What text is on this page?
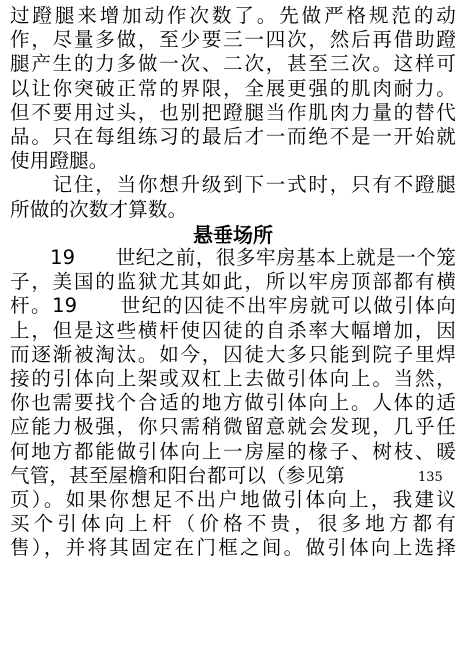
过蹬腿来增加动作次数了。先做严格规范的动
作，尽量多做，至少要三一四次，然后再借助蹬
腿产生的力多做一次、二次，甚至三次。这样可
以让你突破正常的界限，全展更强的肌肉耐力。
但不要用过头，也别把蹬腿当作肌肉力量的替代
品。只在每组练习的最后才一而绝不是一开始就
使用蹬腿。
　　记住，当你想升级到下一式时，只有不蹬腿
所做的次数才算数。
悬垂场所
　　19　　世纪之前，很多牢房基本上就是一个笼
子，美国的监狱尤其如此，所以牢房顶部都有横
杆。19　　世纪的囚徒不出牢房就可以做引体向
上，但是这些横杆使囚徒的自杀率大幅增加，因
而逐渐被淘汰。如今，囚徒大多只能到院子里焊
接的引体向上架或双杠上去做引体向上。当然，
你也需要找个合适的地方做引体向上。人体的适
应能力极强，你只需稍微留意就会发现，几乎任
何地方都能做引体向上一房屋的椽子、树枝、暖
气管，甚至屋檐和阳台都可以（参见第	135
页）。如果你想足不出户地做引体向上，我建议
买个引体向上杆（价格不贵，很多地方都有
售），并将其固定在门框之间。做引体向上选择
